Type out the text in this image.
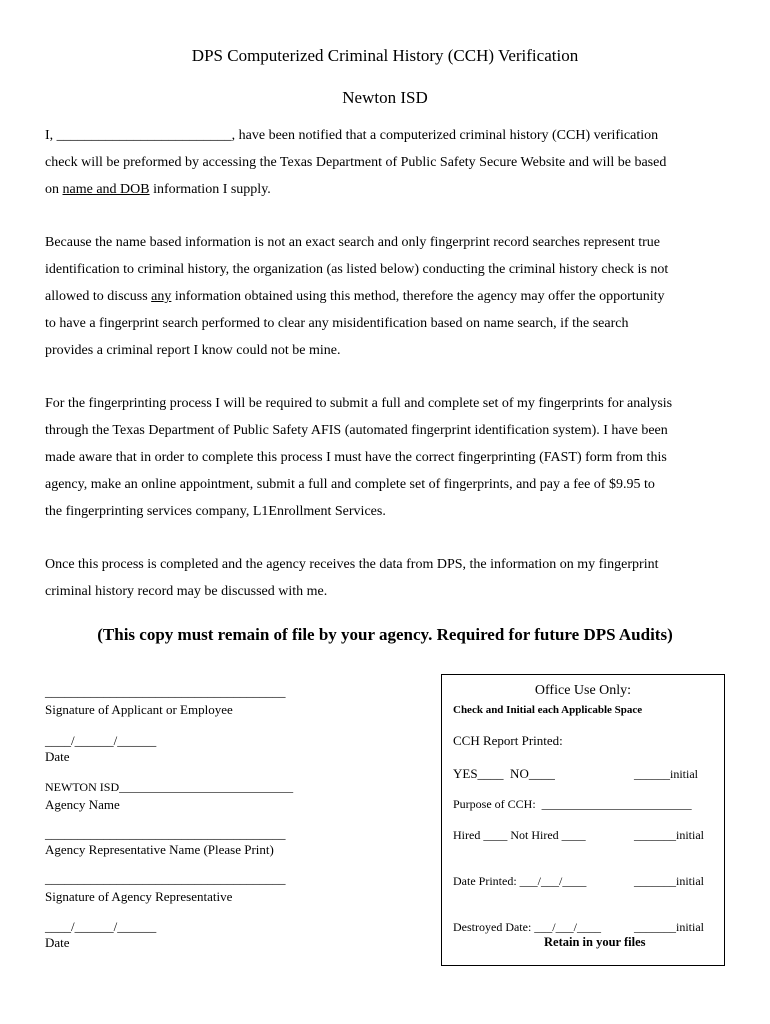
DPS Computerized Criminal History (CCH) Verification
Newton ISD
I, _________________________, have been notified that a computerized criminal history (CCH) verification
check will be preformed by accessing the Texas Department of Public Safety Secure Website and will be based
on name and DOB information I supply.
Because the name based information is not an exact search and only fingerprint record searches represent true
identification to criminal history, the organization (as listed below) conducting the criminal history check is not
allowed to discuss any information obtained using this method, therefore the agency may offer the opportunity
to have a fingerprint search performed to clear any misidentification based on name search, if the search
provides a criminal report I know could not be mine.
For the fingerprinting process I will be required to submit a full and complete set of my fingerprints for analysis
through the Texas Department of Public Safety AFIS (automated fingerprint identification system). I have been
made aware that in order to complete this process I must have the correct fingerprinting (FAST) form from this
agency, make an online appointment, submit a full and complete set of fingerprints, and pay a fee of $9.95 to
the fingerprinting services company, L1Enrollment Services.
Once this process is completed and the agency receives the data from DPS, the information on my fingerprint
criminal history record may be discussed with me.
(This copy must remain of file by your agency. Required for future DPS Audits)
_____________________________________
Signature of Applicant or Employee
____/______/______
Date
NEWTON ISD_____________________________
Agency Name
_____________________________________
Agency Representative Name (Please Print)
_____________________________________
Signature of Agency Representative
____/______/______
Date
Office Use Only:
Check and Initial each Applicable Space
CCH Report Printed:
YES____  NO____	______initial
Purpose of CCH:  _________________________
Hired ____ Not Hired ____	_______initial
Date Printed: ___/___/____	_______initial
Destroyed Date: ___/___/____	_______initial
Retain in your files
